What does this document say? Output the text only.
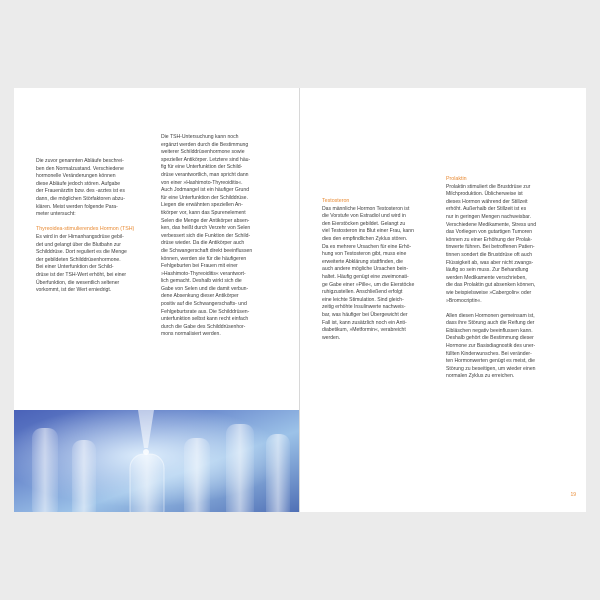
Die zuvor genannten Abläufe beschrei-
ben den Normalzustand. Verschiedene
hormonelle Veränderungen können
diese Abläufe jedoch stören. Aufgabe
der Frauenärztin bzw. des -arztes ist es
dann, die möglichen Störfaktoren abzu-
klären. Meist werden folgende Para-
meter untersucht:

Thyreoidea-stimulierendes Hormon (TSH)

Es wird in der Hirnanhangsdrüse gebil-
det und gelangt über die Blutbahn zur
Schilddrüse. Dort reguliert es die Menge
der gebildeten Schilddrüsenhormone.
Bei einer Unterfunktion der Schild-
drüse ist der TSH-Wert erhöht, bei einer
Überfunktion, die wesentlich seltener
vorkommt, ist der Wert erniedrigt.

Die TSH-Untersuchung kann noch
ergänzt werden durch die Bestimmung
weiterer Schilddrüsenhormone sowie
spezieller Antikörper. Letztere sind häu-
fig für eine Unterfunktion der Schild-
drüse verantwortlich, man spricht dann
von einer »Hashimoto-Thyreoiditis«.
Auch Jodmangel ist ein häufiger Grund
für eine Unterfunktion der Schilddrüse.
Liegen die erwähnten speziellen An-
tikörper vor, kann das Spurenelement
Selen die Menge der Antikörper absen-
ken, das heißt durch Verzehr von Selen
verbessert sich die Funktion der Schild-
drüse wieder. Da die Antikörper auch
die Schwangerschaft direkt beeinflussen
können, werden sie für die häufigeren
Fehlgeburten bei Frauen mit einer
»Hashimoto-Thyreoiditis« verantwort-
lich gemacht. Deshalb wirkt sich die
Gabe von Selen und die damit verbun-
dene Absenkung dieser Antikörper
positiv auf die Schwangerschafts- und
Fehlgeburtsrate aus. Die Schilddrüsen-
unterfunktion selbst kann recht einfach
durch die Gabe des Schilddrüsenhor-
mons normalisiert werden.

Testosteron

Das männliche Hormon Testosteron ist
die Vorstufe von Estradiol und wird in
den Eierstöcken gebildet. Gelangt zu
viel Testosteron ins Blut einer Frau, kann
dies den empfindlichen Zyklus stören.
Da es mehrere Ursachen für eine Erhö-
hung von Testosteron gibt, muss eine
erweiterte Abklärung stattfinden, die
auch andere mögliche Ursachen bein-
haltet. Häufig genügt eine zweimonati-
ge Gabe einer »Pille«, um die Eierstöcke
ruhigzustellen. Anschließend erfolgt
eine leichte Stimulation. Sind gleich-
zeitig erhöhte Insulinwerte nachweis-
bar, was häufiger bei Übergewicht der
Fall ist, kann zusätzlich noch ein Anti-
diabetikum, »Metformin«, verabreicht
werden.

Prolaktin

Prolaktin stimuliert die Brustdrüse zur
Milchproduktion. Üblicherweise ist
dieses Hormon während der Stillzeit
erhöht. Außerhalb der Stillzeit ist es
nur in geringen Mengen nachweisbar.
Verschiedene Medikamente, Stress und
das Vorliegen von gutartigen Tumoren
können zu einer Erhöhung der Prolak-
tinwerte führen. Bei betroffenen Patien-
tinnen sondert die Brustdrüse oft auch
Flüssigkeit ab, was aber nicht zwangs-
läufig so sein muss. Zur Behandlung
werden Medikamente verschrieben,
die das Prolaktin gut absenken können,
wie beispielsweise »Cabergolin« oder
»Bromocriptin«.

Allen diesen Hormonen gemeinsam ist,
dass ihre Störung auch die Reifung der
Eibläschen negativ beeinflussen kann.
Deshalb gehört die Bestimmung dieser
Hormone zur Basisdiagnostik des uner-
füllten Kinderwunsches. Bei veränder-
ten Hormonwerten genügt es meist, die
Störung zu beseitigen, um wieder einen
normalen Zyklus zu erreichen.

19
